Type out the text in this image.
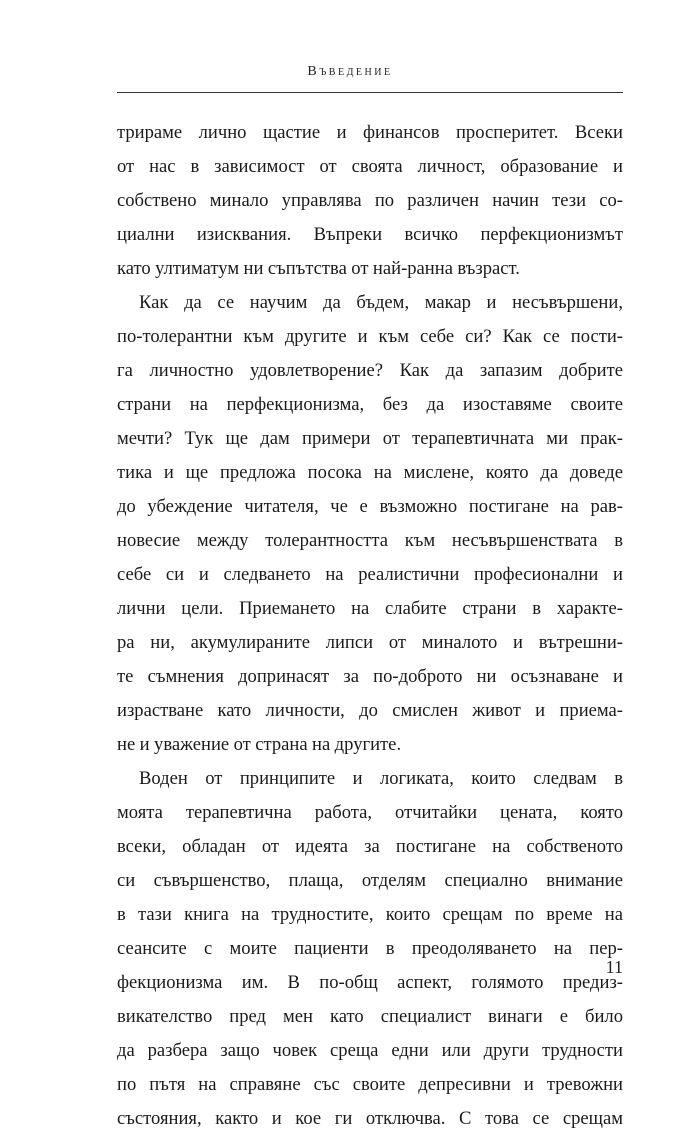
Въведение
трираме лично щастие и финансов просперитет. Всеки
от нас в зависимост от своята личност, образование и
собствено минало управлява по различен начин тези со-
циални изисквания. Въпреки всичко перфекционизмът
като ултиматум ни съпътства от най-ранна възраст.
Как да се научим да бъдем, макар и несъвършени,
по-толерантни към другите и към себе си? Как се пости-
га личностно удовлетворение? Как да запазим добрите
страни на перфекционизма, без да изоставяме своите
мечти? Тук ще дам примери от терапевтичната ми прак-
тика и ще предложа посока на мислене, която да доведе
до убеждение читателя, че е възможно постигане на рав-
новесие между толерантността към несъвършенствата в
себе си и следването на реалистични професионални и
лични цели. Приемането на слабите страни в характе-
ра ни, акумулираните липси от миналото и вътрешни-
те съмнения допринасят за по-доброто ни осъзнаване и
израстване като личности, до смислен живот и приема-
не и уважение от страна на другите.
Воден от принципите и логиката, които следвам в
моята терапевтична работа, отчитайки цената, която
всеки, обладан от идеята за постигане на собственото
си съвършенство, плаща, отделям специално внимание
в тази книга на трудностите, които срещам по време на
сеансите с моите пациенти в преодоляването на пер-
фекционизма им. В по-общ аспект, голямото предиз-
викателство пред мен като специалист винаги е било
да разбера защо човек среща едни или други трудности
по пътя на справяне със своите депресивни и тревожни
състояния, както и кое ги отключва. С това се срещам
11
